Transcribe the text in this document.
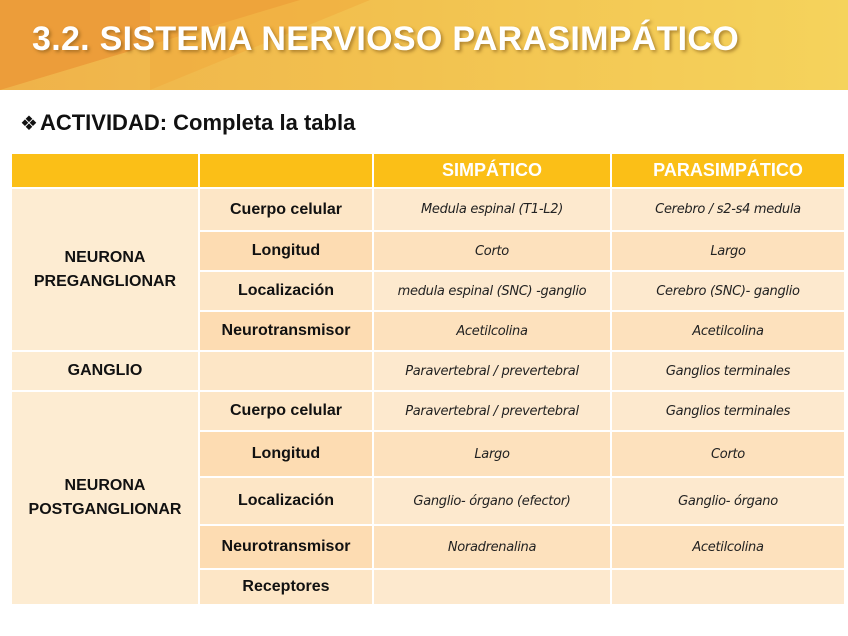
3.2. SISTEMA NERVIOSO PARASIMPÁTICO
❖ACTIVIDAD: Completa la tabla
		SIMPÁTICO	PARASIMPÁTICO
NEURONA
PREGANGLIONAR	Cuerpo celular	Medula espinal (T1-L2)	Cerebro / s2-s4 medula
	Longitud	Corto	Largo
	Localización	medula espinal (SNC) -ganglio	Cerebro (SNC)- ganglio
	Neurotransmisor	Acetilcolina	Acetilcolina
GANGLIO		Paravertebral / prevertebral	Ganglios terminales
NEURONA
POSTGANGLIONAR	Cuerpo celular	Paravertebral / prevertebral	Ganglios terminales
	Longitud	Largo	Corto
	Localización	Ganglio- órgano (efector)	Ganglio- órgano
	Neurotransmisor	Noradrenalina	Acetilcolina
	Receptores		
